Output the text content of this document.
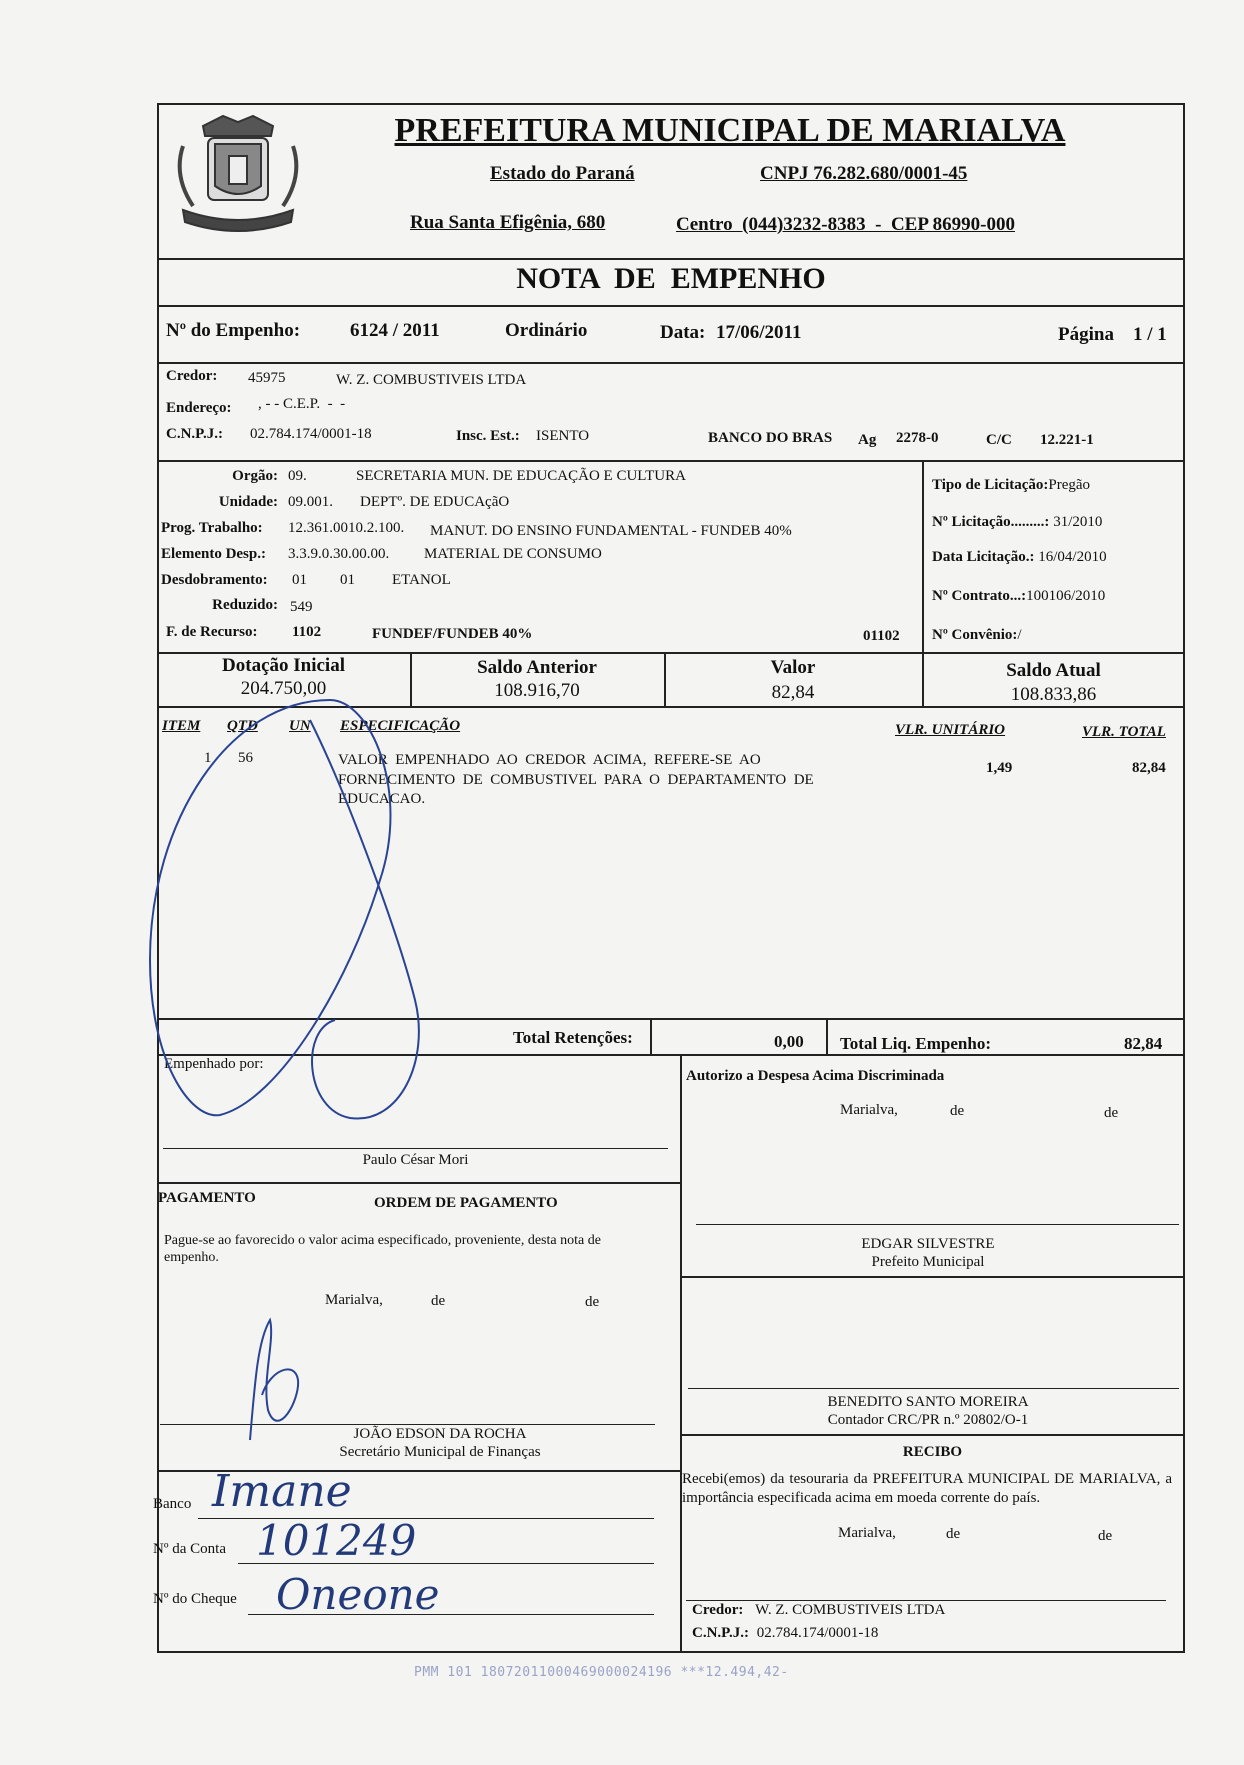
PREFEITURA MUNICIPAL DE MARIALVA
Estado do Paraná	CNPJ 76.282.680/0001-45
Rua Santa Efigênia, 680	Centro  (044)3232-8383  -  CEP 86990-000
NOTA  DE  EMPENHO
Nº do Empenho:	6124 / 2011	Ordinário	Data: 17/06/2011	Página 1 / 1
Credor: 45975	W. Z. COMBUSTIVEIS LTDA
Endereço: , - - C.E.P.  -  -
C.N.P.J.: 02.784.174/0001-18	Insc. Est.: ISENTO	BANCO DO BRAS Ag 2278-0	C/C 12.221-1
Orgão: 09.	SECRETARIA MUN. DE EDUCAÇÃO E CULTURA
Unidade: 09.001. DEPTº. DE EDUCAçãO
Prog. Trabalho: 12.361.0010.2.100. MANUT. DO ENSINO FUNDAMENTAL - FUNDEB 40%
Elemento Desp.: 3.3.9.0.30.00.00. MATERIAL DE CONSUMO
Desdobramento: 01 01 ETANOL
Reduzido: 549
F. de Recurso: 1102	FUNDEF/FUNDEB 40%	01102
Tipo de Licitação:Pregão
Nº Licitação.........: 31/2010
Data Licitação.: 16/04/2010
Nº Contrato...:100106/2010
Nº Convênio:/
Dotação Inicial
204.750,00
Saldo Anterior
108.916,70
Valor
82,84
Saldo Atual
108.833,86
ITEM QTD UN ESPECIFICAÇÃO	VLR. UNITÁRIO	VLR. TOTAL
1 56	VALOR  EMPENHADO  AO  CREDOR  ACIMA,  REFERE-SE  AO
FORNECIMENTO  DE  COMBUSTIVEL  PARA  O  DEPARTAMENTO  DE
EDUCACAO.
1,49	82,84
Total Retenções:	0,00 Total Liq. Empenho:	82,84
Empenhado por:
Paulo César Mori
PAGAMENTO	ORDEM DE PAGAMENTO
Pague-se ao favorecido o valor acima especificado, proveniente, desta nota de empenho.
Marialva,	de	de
JOÃO EDSON DA ROCHA
Secretário Municipal de Finanças
Banco Imane
Nº da Conta 101249
Nº do Cheque Oneone
Autorizo a Despesa Acima Discriminada
Marialva,	de	de
EDGAR SILVESTRE
Prefeito Municipal
BENEDITO SANTO MOREIRA
Contador CRC/PR n.º 20802/O-1
RECIBO
Recebi(emos) da tesouraria da PREFEITURA MUNICIPAL DE MARIALVA, a importância especificada acima em moeda corrente do país.
Marialva,	de	de
Credor: W. Z. COMBUSTIVEIS LTDA
C.N.P.J.: 02.784.174/0001-18
PMM 101 18072011000469000024196 ***12.494,42-
